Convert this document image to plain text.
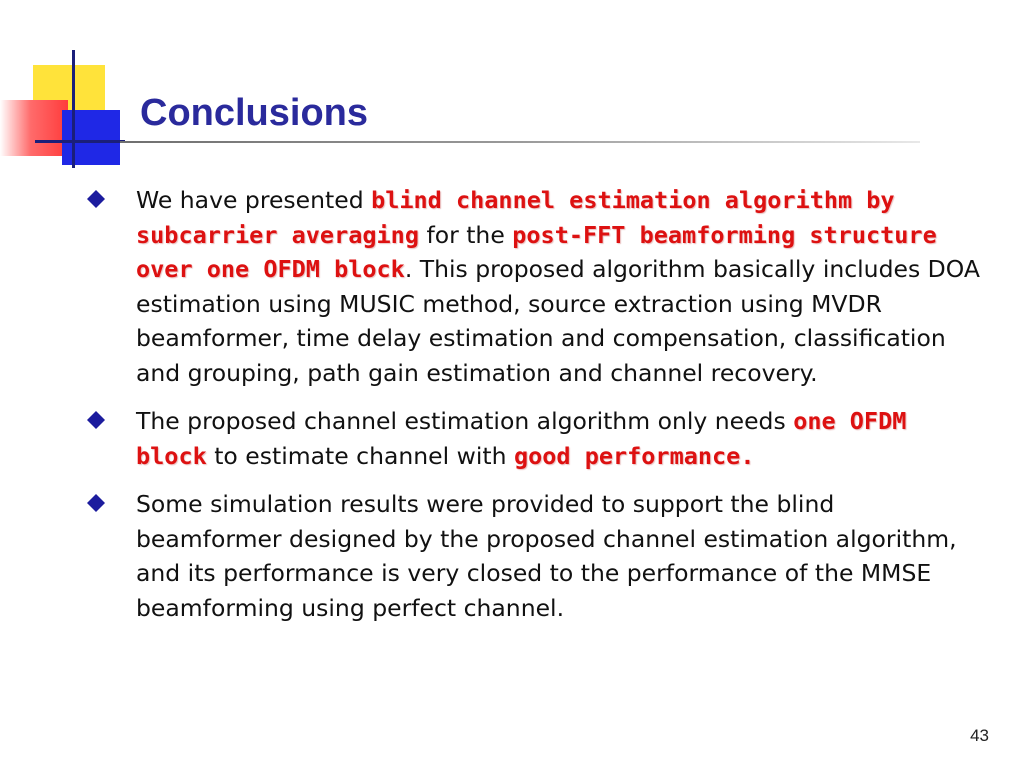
Conclusions
We have presented blind channel estimation algorithm by subcarrier averaging for the post-FFT beamforming structure over one OFDM block. This proposed algorithm basically includes DOA estimation using MUSIC method, source extraction using MVDR beamformer, time delay estimation and compensation, classification and grouping, path gain estimation and channel recovery.
The proposed channel estimation algorithm only needs one OFDM block to estimate channel with good performance.
Some simulation results were provided to support the blind beamformer designed by the proposed channel estimation algorithm, and its performance is very closed to the performance of the MMSE beamforming using perfect channel.
43
